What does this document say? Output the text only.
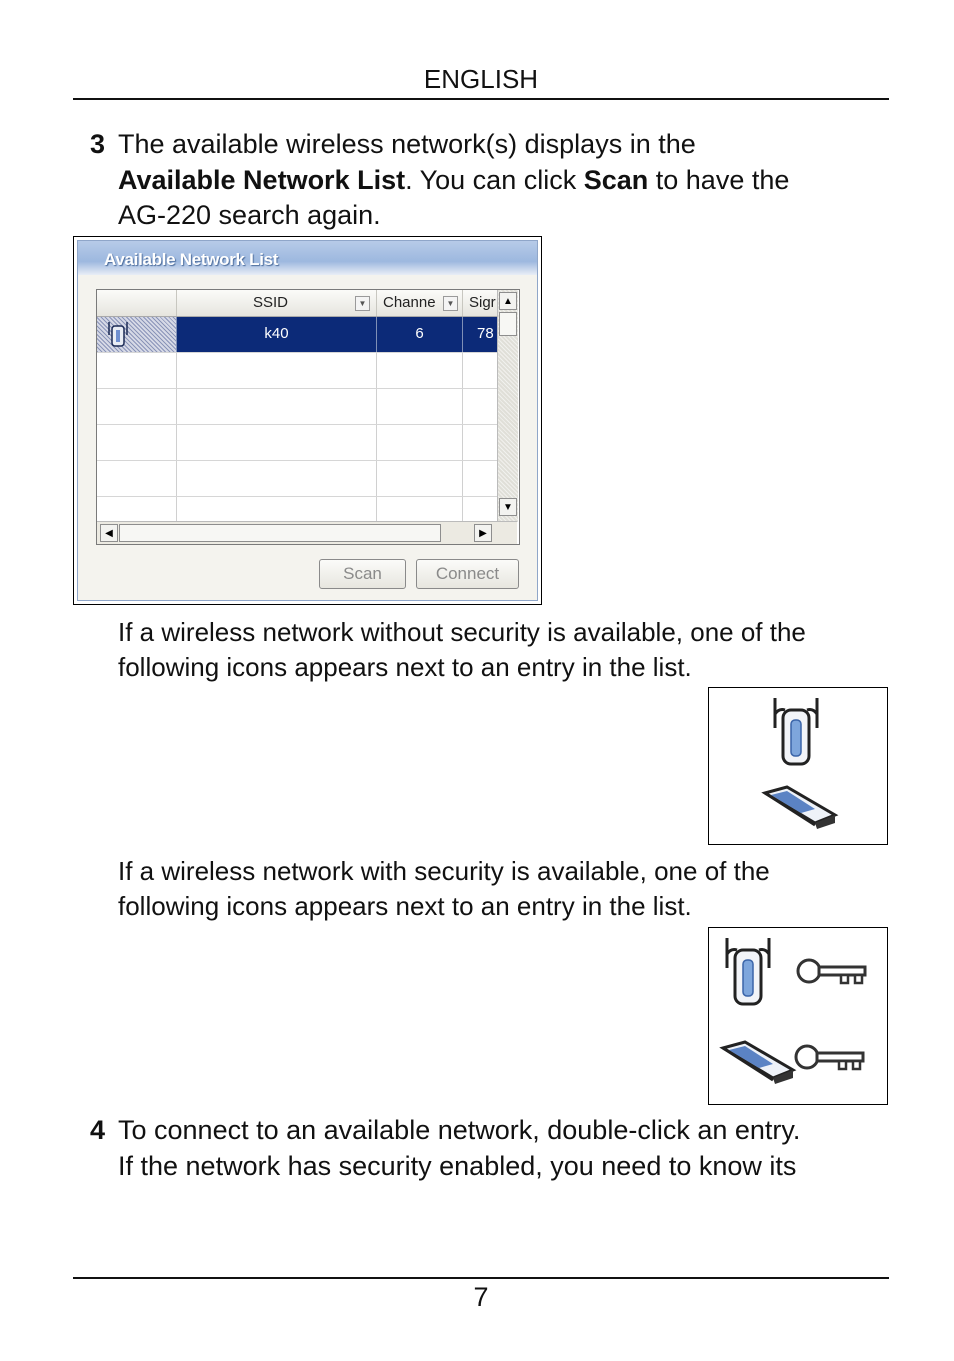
ENGLISH
3 The available wireless network(s) displays in the
Available Network List. You can click Scan to have the
AG-220 search again.
Available Network List
SSID	▼ Channe	▼ Sigr
k40	6	78
▲
▼
◀	▶
Scan	Connect
If a wireless network without security is available, one of the
following icons appears next to an entry in the list.
If a wireless network with security is available, one of the
following icons appears next to an entry in the list.
4 To connect to an available network, double-click an entry.
If the network has security enabled, you need to know its
7
